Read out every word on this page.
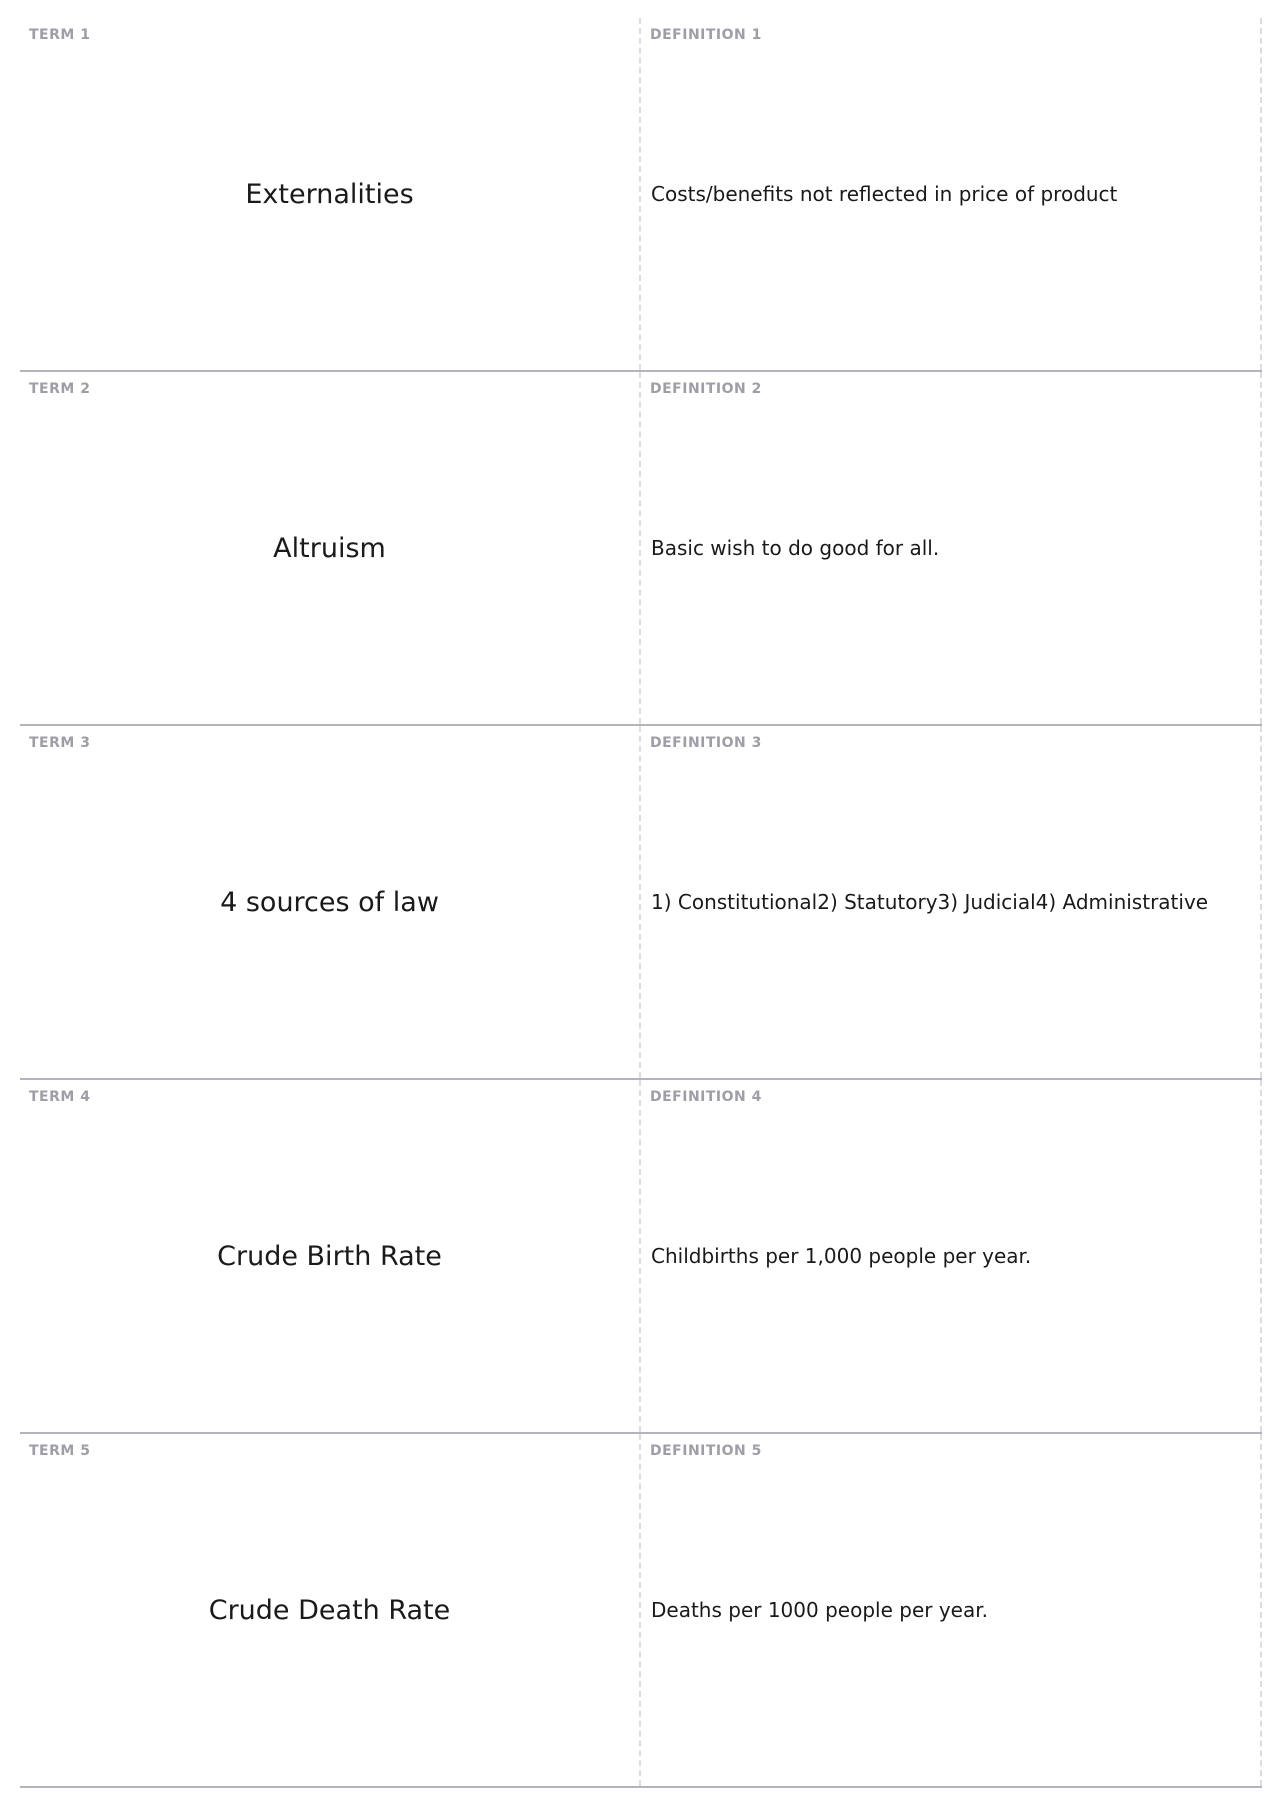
TERM 1
Externalities
DEFINITION 1
Costs/benefits not reflected in price of product
TERM 2
Altruism
DEFINITION 2
Basic wish to do good for all.
TERM 3
4 sources of law
DEFINITION 3
1) Constitutional2) Statutory3) Judicial4) Administrative
TERM 4
Crude Birth Rate
DEFINITION 4
Childbirths per 1,000 people per year.
TERM 5
Crude Death Rate
DEFINITION 5
Deaths per 1000 people per year.
